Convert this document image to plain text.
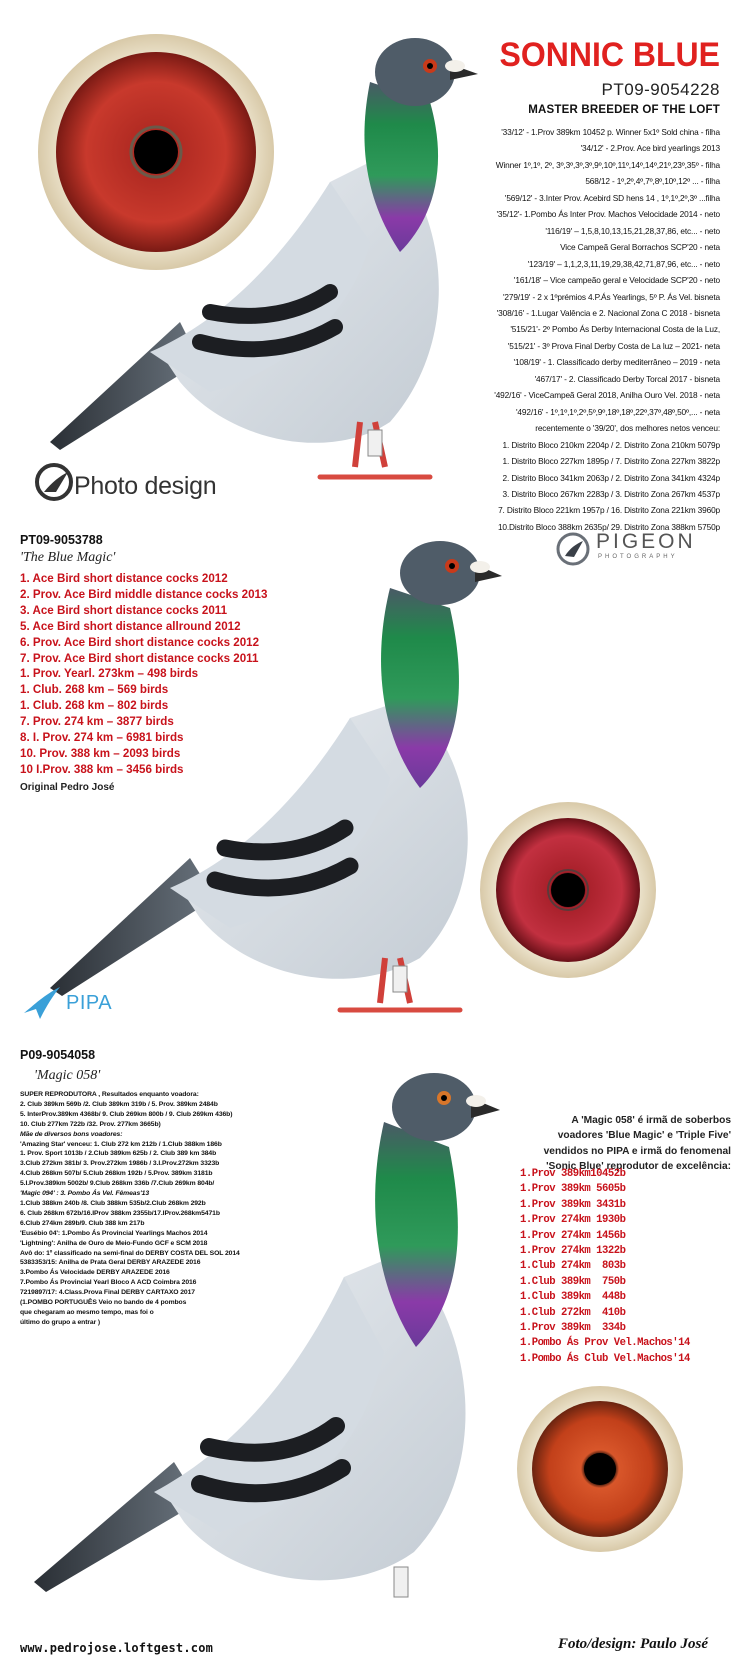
SONNIC BLUE
PT09-9054228
MASTER BREEDER OF THE LOFT
'33/12' - 1.Prov 389km 10452 p. Winner 5x1º Sold china - filha
'34/12' - 2.Prov. Ace bird yearlings 2013
Winner 1º,1º, 2º, 3º,3º,3º,3º,9º,10º,11º,14º,14º,21º,23º,35º - filha
568/12 - 1º,2º,4º,7º,8º,10º,12º ... - filha
'569/12' - 3.Inter Prov. Acebird SD hens 14 , 1º,1º,2º,3º ...filha
'35/12'- 1.Pombo Ás Inter Prov. Machos Velocidade 2014 - neto
'116/19' – 1,5,8,10,13,15,21,28,37,86, etc... - neto
Vice Campeã Geral Borrachos SCP'20 - neta
'123/19' – 1,1,2,3,11,19,29,38,42,71,87,96, etc... - neto
'161/18' – Vice campeão geral e Velocidade SCP'20 - neto
'279/19' - 2 x 1ºprémios 4.P.Ás Yearlings, 5º P. Ás Vel. bisneta
'308/16' - 1.Lugar Valência e 2. Nacional Zona C 2018 - bisneta
'515/21'- 2º Pombo Ás Derby Internacional Costa de la Luz,
'515/21' - 3º Prova Final Derby Costa de La luz – 2021- neta
'108/19' - 1. Classificado derby mediterrâneo – 2019 - neta
'467/17' - 2. Classificado Derby Torcal 2017 - bisneta
'492/16' - ViceCampeã Geral 2018, Anilha Ouro Vel. 2018 - neta
'492/16' - 1º,1º,1º,2º,5º,9º,18º,18º,22º,37º,48º,50º,... - neta
recentemente o '39/20', dos melhores netos venceu:
1. Distrito Bloco 210km 2204p / 2. Distrito Zona 210km 5079p
1. Distrito Bloco 227km 1895p / 7. Distrito Zona 227km 3822p
2. Distrito Bloco 341km 2063p / 2. Distrito Zona 341km 4324p
3. Distrito Bloco 267km 2283p / 3. Distrito Zona 267km 4537p
7. Distrito Bloco 221km 1957p / 16. Distrito Zona 221km 3960p
10.Distrito Bloco 388km 2635p/ 29. Distrito Zona 388km 5750p
Photo design
PT09-9053788
'The Blue Magic'
1. Ace Bird short distance cocks 2012
2. Prov. Ace Bird middle distance cocks 2013
3. Ace Bird short distance cocks 2011
5. Ace Bird short distance allround 2012
6. Prov. Ace Bird short distance cocks 2012
7. Prov. Ace Bird short distance cocks 2011
1. Prov. Yearl. 273km – 498 birds
1. Club. 268 km – 569 birds
1. Club. 268 km – 802 birds
7. Prov. 274 km – 3877 birds
8. I. Prov. 274 km – 6981 birds
10. Prov. 388 km – 2093 birds
10 I.Prov. 388 km – 3456 birds
Original Pedro José
PIGEON
PHOTOGRAPHY
PIPA
P09-9054058
'Magic 058'
SUPER REPRODUTORA , Resultados enquanto voadora:
2. Club 389km 569b /2. Club 389km 319b / 5. Prov. 389km 2484b
5. InterProv.389km 4368b/ 9. Club 269km 800b / 9. Club 269km 436b)
10. Club 277km 722b /32. Prov. 277km 3665b)
Mãe de diversos bons voadores:
'Amazing Star' venceu: 1. Club 272 km 212b / 1.Club 388km 186b
1. Prov. Sport 1013b / 2.Club 389km 625b / 2. Club 389 km 384b
3.Club 272km 381b/ 3. Prov.272km 1986b / 3.I.Prov.272km 3323b
4.Club 268km 507b/ 5.Club 268km 192b / 5.Prov. 389km 3181b
5.I.Prov.389km 5002b/ 9.Club 268km 336b /7.Club 269km 804b/
'Magic 094' : 3. Pombo Ás Vel. Fêmeas'13
1.Club 388km 240b /8. Club 388km 535b/2.Club 268km 292b
6. Club 268km 672b/16.IProv 388km 2355b/17.IProv.268km5471b
6.Club 274km 289b/9. Club 388 km 217b
'Eusébio 04': 1.Pombo Ás Provincial Yearlings Machos 2014
'Lightning': Anilha de Ouro de Meio-Fundo GCF e SCM 2018
Avô do: 1º classificado na semi-final do DERBY COSTA DEL SOL 2014
5383353/15: Anilha de Prata Geral DERBY ARAZEDE 2016
3.Pombo Ás Velocidade DERBY ARAZEDE 2016
7.Pombo Ás Provincial Yearl Bloco A ACD Coimbra 2016
7219897/17: 4.Class.Prova Final DERBY CARTAXO 2017
(1.POMBO PORTUGUÊS Veio no bando de 4 pombos
que chegaram ao mesmo tempo, mas foi o
último do grupo a entrar )
A 'Magic 058' é irmã de soberbos
voadores 'Blue Magic' e 'Triple Five'
vendidos no PIPA e irmã do fenomenal
'Sonic Blue' reprodutor de excelência:
1.Prov 389km10452b
1.Prov 389km 5605b
1.Prov 389km 3431b
1.Prov 274km 1930b
1.Prov 274km 1456b
1.Prov 274km 1322b
1.Club 274km  803b
1.Club 389km  750b
1.Club 389km  448b
1.Club 272km  410b
1.Prov 389km  334b
1.Pombo Ás Prov Vel.Machos'14
1.Pombo Ás Club Vel.Machos'14
www.pedrojose.loftgest.com	Foto/design: Paulo José
